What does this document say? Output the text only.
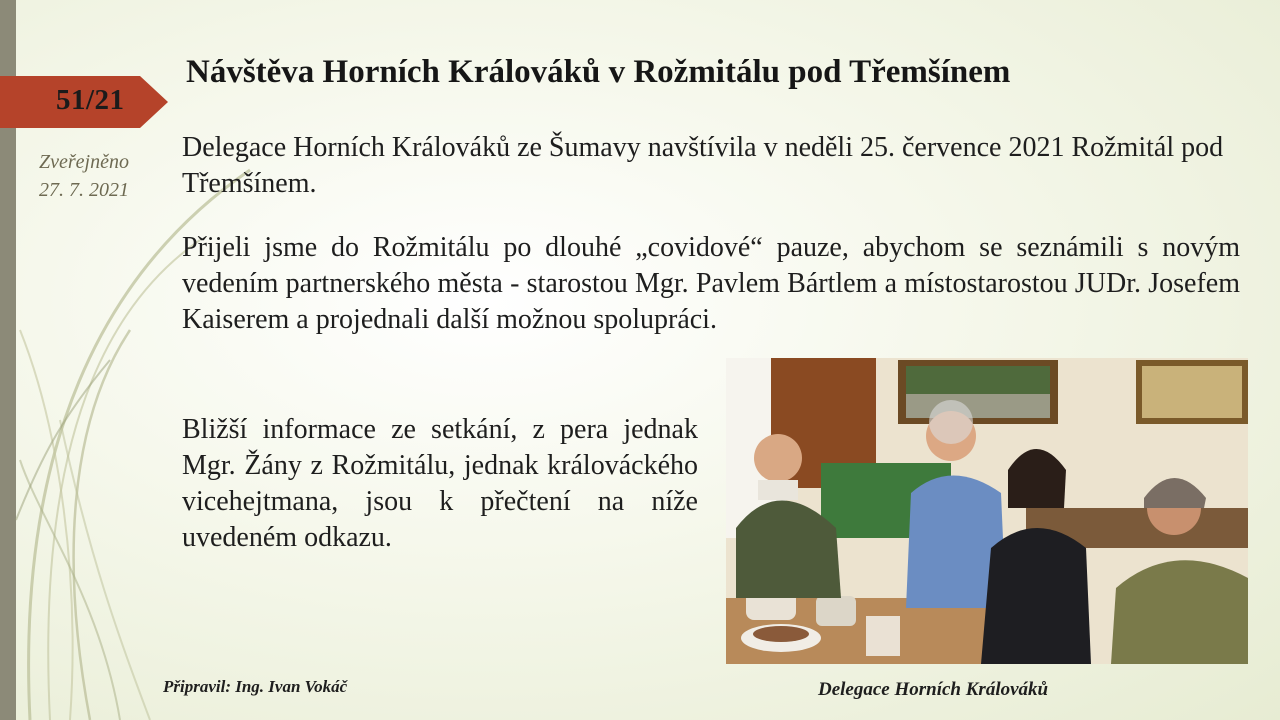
51/21
Zveřejněno
27. 7. 2021
Návštěva Horních Králováků v Rožmitálu pod Třemšínem
Delegace Horních Králováků ze Šumavy navštívila v neděli 25. července 2021 Rožmitál pod Třemšínem.
Přijeli jsme do Rožmitálu po dlouhé „covidové“ pauze, abychom se seznámili s novým vedením partnerského města - starostou Mgr. Pavlem Bártlem a místostarostou JUDr. Josefem Kaiserem a projednali další možnou spolupráci.
Bližší informace ze setkání, z pera jednak Mgr. Žány z Rožmitálu, jednak králováckého vicehejtmana, jsou k přečtení na níže uvedeném odkazu.
Připravil: Ing. Ivan Vokáč	Delegace Horních Králováků
